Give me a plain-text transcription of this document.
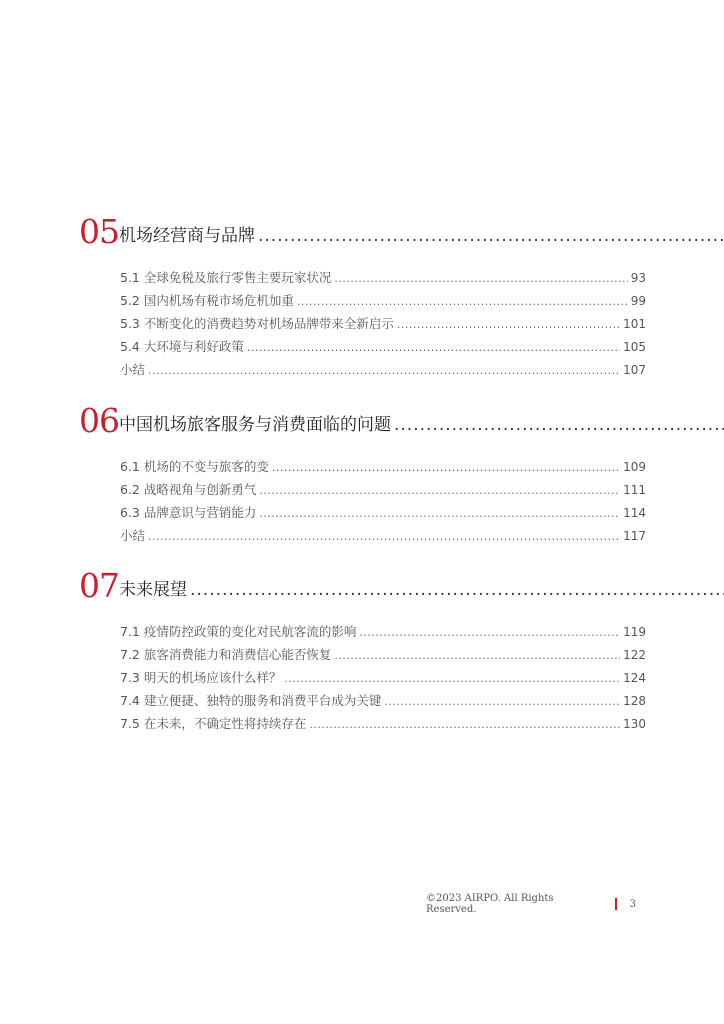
05 机场经营商与品牌
.....
5.1 全球免税及旅行零售主要玩家状况 .....	93
5.2 国内机场有税市场危机加重 .....	99
5.3 不断变化的消费趋势对机场品牌带来全新启示 .....	101
5.4 大环境与利好政策 .....	105
小结 .....	107
06 中国机场旅客服务与消费面临的问题
.....
6.1 机场的不变与旅客的变 .....	109
6.2 战略视角与创新勇气 .....	111
6.3 品牌意识与营销能力 .....	114
小结 .....	117
07 未来展望
.....
7.1 疫情防控政策的变化对民航客流的影响 .....	119
7.2 旅客消费能力和消费信心能否恢复 .....	122
7.3 明天的机场应该什么样？ .....	124
7.4 建立便捷、独特的服务和消费平台成为关键 .....	128
7.5 在未来，不确定性将持续存在 .....	130
©2023 AIRPO. All Rights Reserved.	3
